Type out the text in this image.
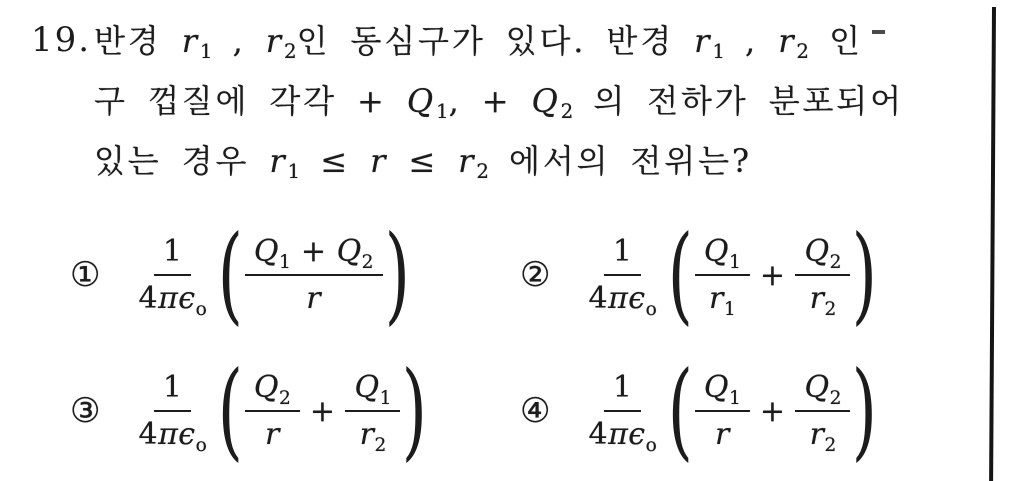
19. 반경 $r_1$ , $r_2$인 동심구가 있다. 반경 $r_1$ , $r_2$ 인
구 껍질에 각각 + $Q_1$, + $Q_2$ 의 전하가 분포되어
있는 경우 $r_1 \le r \le r_2$ 에서의 전위는?
① $\frac{1}{4\pi\epsilon_o}$ ( $\frac{Q_1 + Q_2}{r}$ )	② $\frac{1}{4\pi\epsilon_o}$ ( $\frac{Q_1}{r_1} + \frac{Q_2}{r_2}$ )
③ $\frac{1}{4\pi\epsilon_o}$ ( $\frac{Q_2}{r} + \frac{Q_1}{r_2}$ )	④ $\frac{1}{4\pi\epsilon_o}$ ( $\frac{Q_1}{r} + \frac{Q_2}{r_2}$ )
